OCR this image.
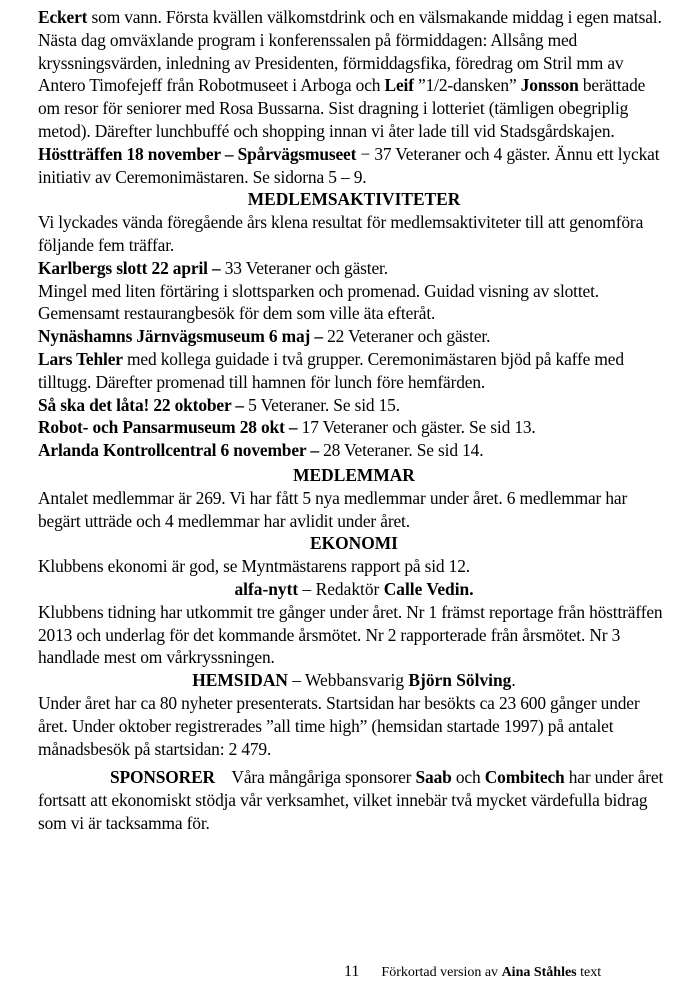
Eckert som vann. Första kvällen välkomstdrink och en välsmakande middag i egen matsal. Nästa dag omväxlande program i konferenssalen på förmiddagen: Allsång med kryssningsvärden, inledning av Presidenten, förmiddagsfika, föredrag om Stril mm av Antero Timofejeff från Robotmuseet i Arboga och Leif ”1/2-dansken” Jonsson berättade om resor för seniorer med Rosa Bussarna. Sist dragning i lotteriet (tämligen obegriplig metod). Därefter lunchbuffé och shopping innan vi åter lade till vid Stadsgårdskajen.

Höstträffen 18 november – Spårvägsmuseet − 37 Veteraner och 4 gäster. Ännu ett lyckat initiativ av Ceremonimästaren. Se sidorna 5 – 9.

MEDLEMSAKTIVITETER

Vi lyckades vända föregående års klena resultat för medlemsaktiviteter till att genomföra följande fem träffar.

Karlbergs slott 22 april – 33 Veteraner och gäster.

Mingel med liten förtäring i slottsparken och promenad. Guidad visning av slottet. Gemensamt restaurangbesök för dem som ville äta efteråt.

Nynäshamns Järnvägsmuseum 6 maj – 22 Veteraner och gäster.

Lars Tehler med kollega guidade i två grupper. Ceremonimästaren bjöd på kaffe med tilltugg. Därefter promenad till hamnen för lunch före hemfärden.

Så ska det låta! 22 oktober – 5 Veteraner. Se sid 15.

Robot- och Pansarmuseum 28 okt – 17 Veteraner och gäster. Se sid 13.

Arlanda Kontrollcentral 6 november – 28 Veteraner. Se sid 14.

MEDLEMMAR

Antalet medlemmar är 269. Vi har fått 5 nya medlemmar under året. 6 medlemmar har begärt utträde och 4 medlemmar har avlidit under året.

EKONOMI

Klubbens ekonomi är god, se Myntmästarens rapport på sid 12.

alfa-nytt – Redaktör Calle Vedin.

Klubbens tidning har utkommit tre gånger under året. Nr 1 främst reportage från höstträffen 2013 och underlag för det kommande årsmötet. Nr 2 rapporterade från årsmötet. Nr 3 handlade mest om vårkryssningen.

HEMSIDAN – Webbansvarig Björn Sölving.

Under året har ca 80 nyheter presenterats. Startsidan har besökts ca 23 600 gånger under året. Under oktober registrerades ”all time high” (hemsidan startade 1997) på antalet månadsbesök på startsidan: 2 479.

SPONSORER    Våra mångåriga sponsorer Saab och Combitech har under året fortsatt att ekonomiskt stödja vår verksamhet, vilket innebär två mycket värdefulla bidrag som vi är tacksamma för.

11 Förkortad version av Aina Ståhles text
